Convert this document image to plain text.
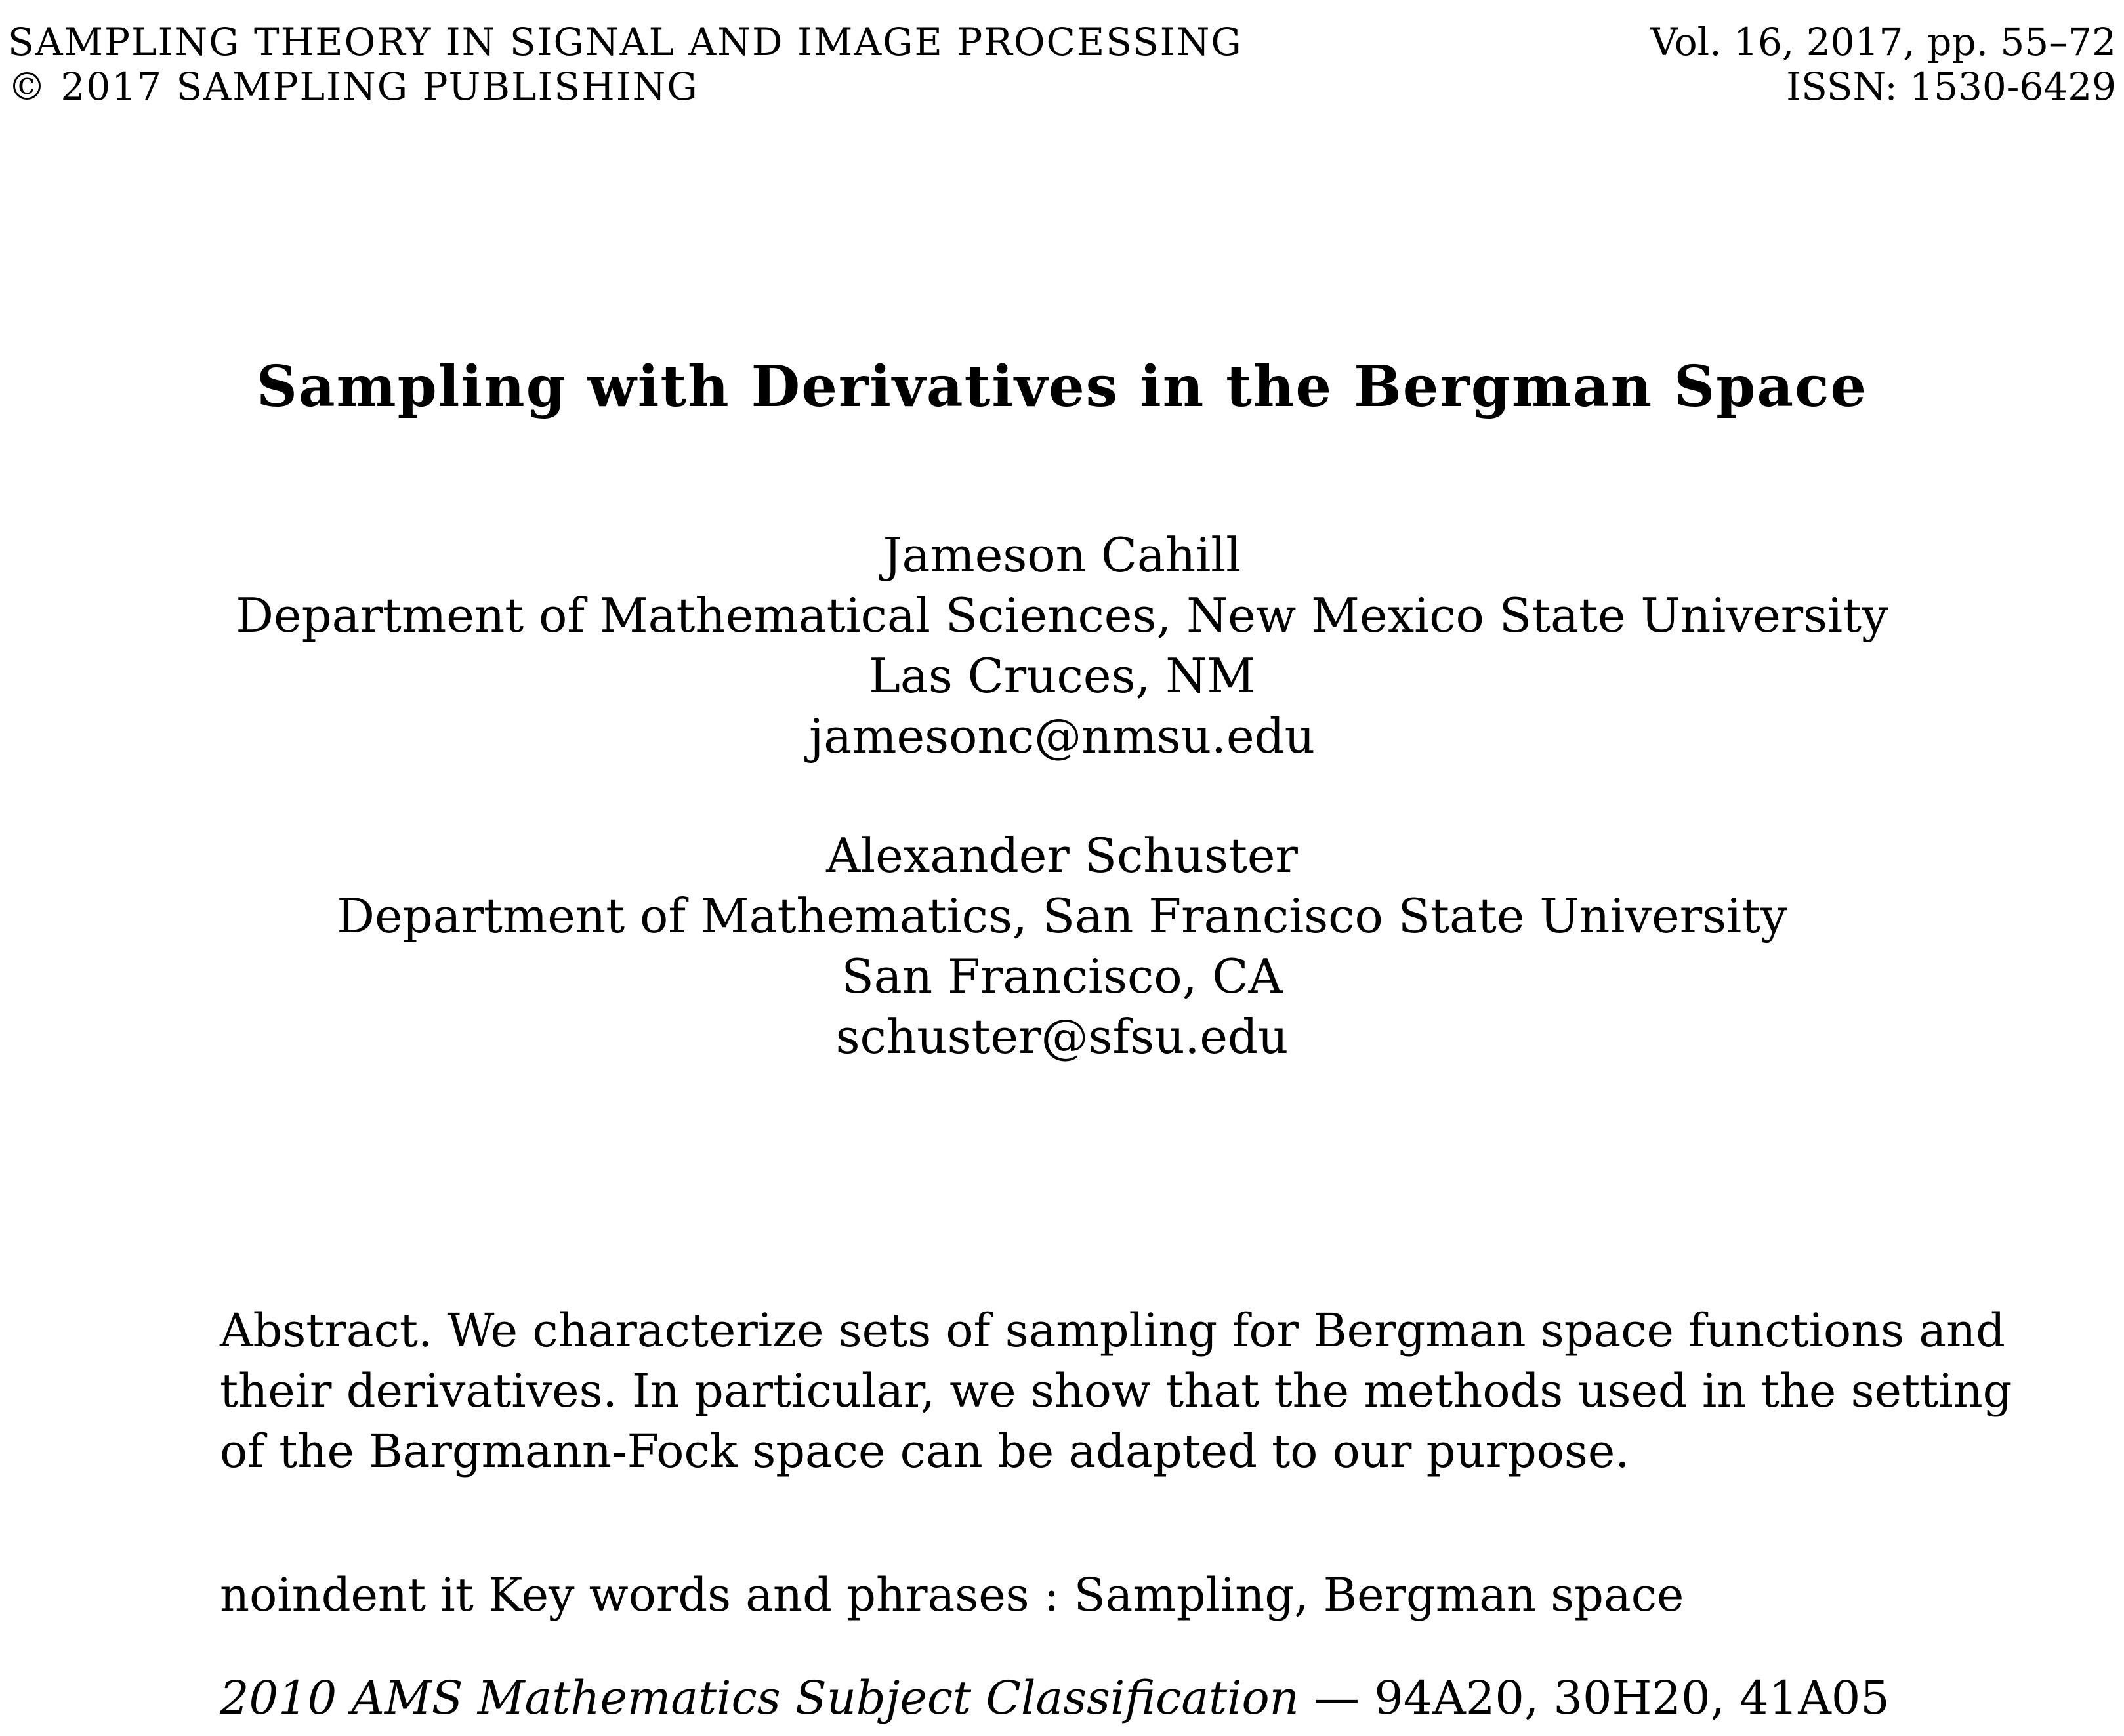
SAMPLING THEORY IN SIGNAL AND IMAGE PROCESSING
© 2017 SAMPLING PUBLISHING
Vol. 16, 2017, pp. 55–72
ISSN: 1530-6429
Sampling with Derivatives in the Bergman Space
Jameson Cahill
Department of Mathematical Sciences, New Mexico State University
Las Cruces, NM
jamesonc@nmsu.edu
Alexander Schuster
Department of Mathematics, San Francisco State University
San Francisco, CA
schuster@sfsu.edu
Abstract. We characterize sets of sampling for Bergman space functions and
their derivatives. In particular, we show that the methods used in the setting
of the Bargmann-Fock space can be adapted to our purpose.
noindent it Key words and phrases : Sampling, Bergman space
2010 AMS Mathematics Subject Classification — 94A20, 30H20, 41A05
